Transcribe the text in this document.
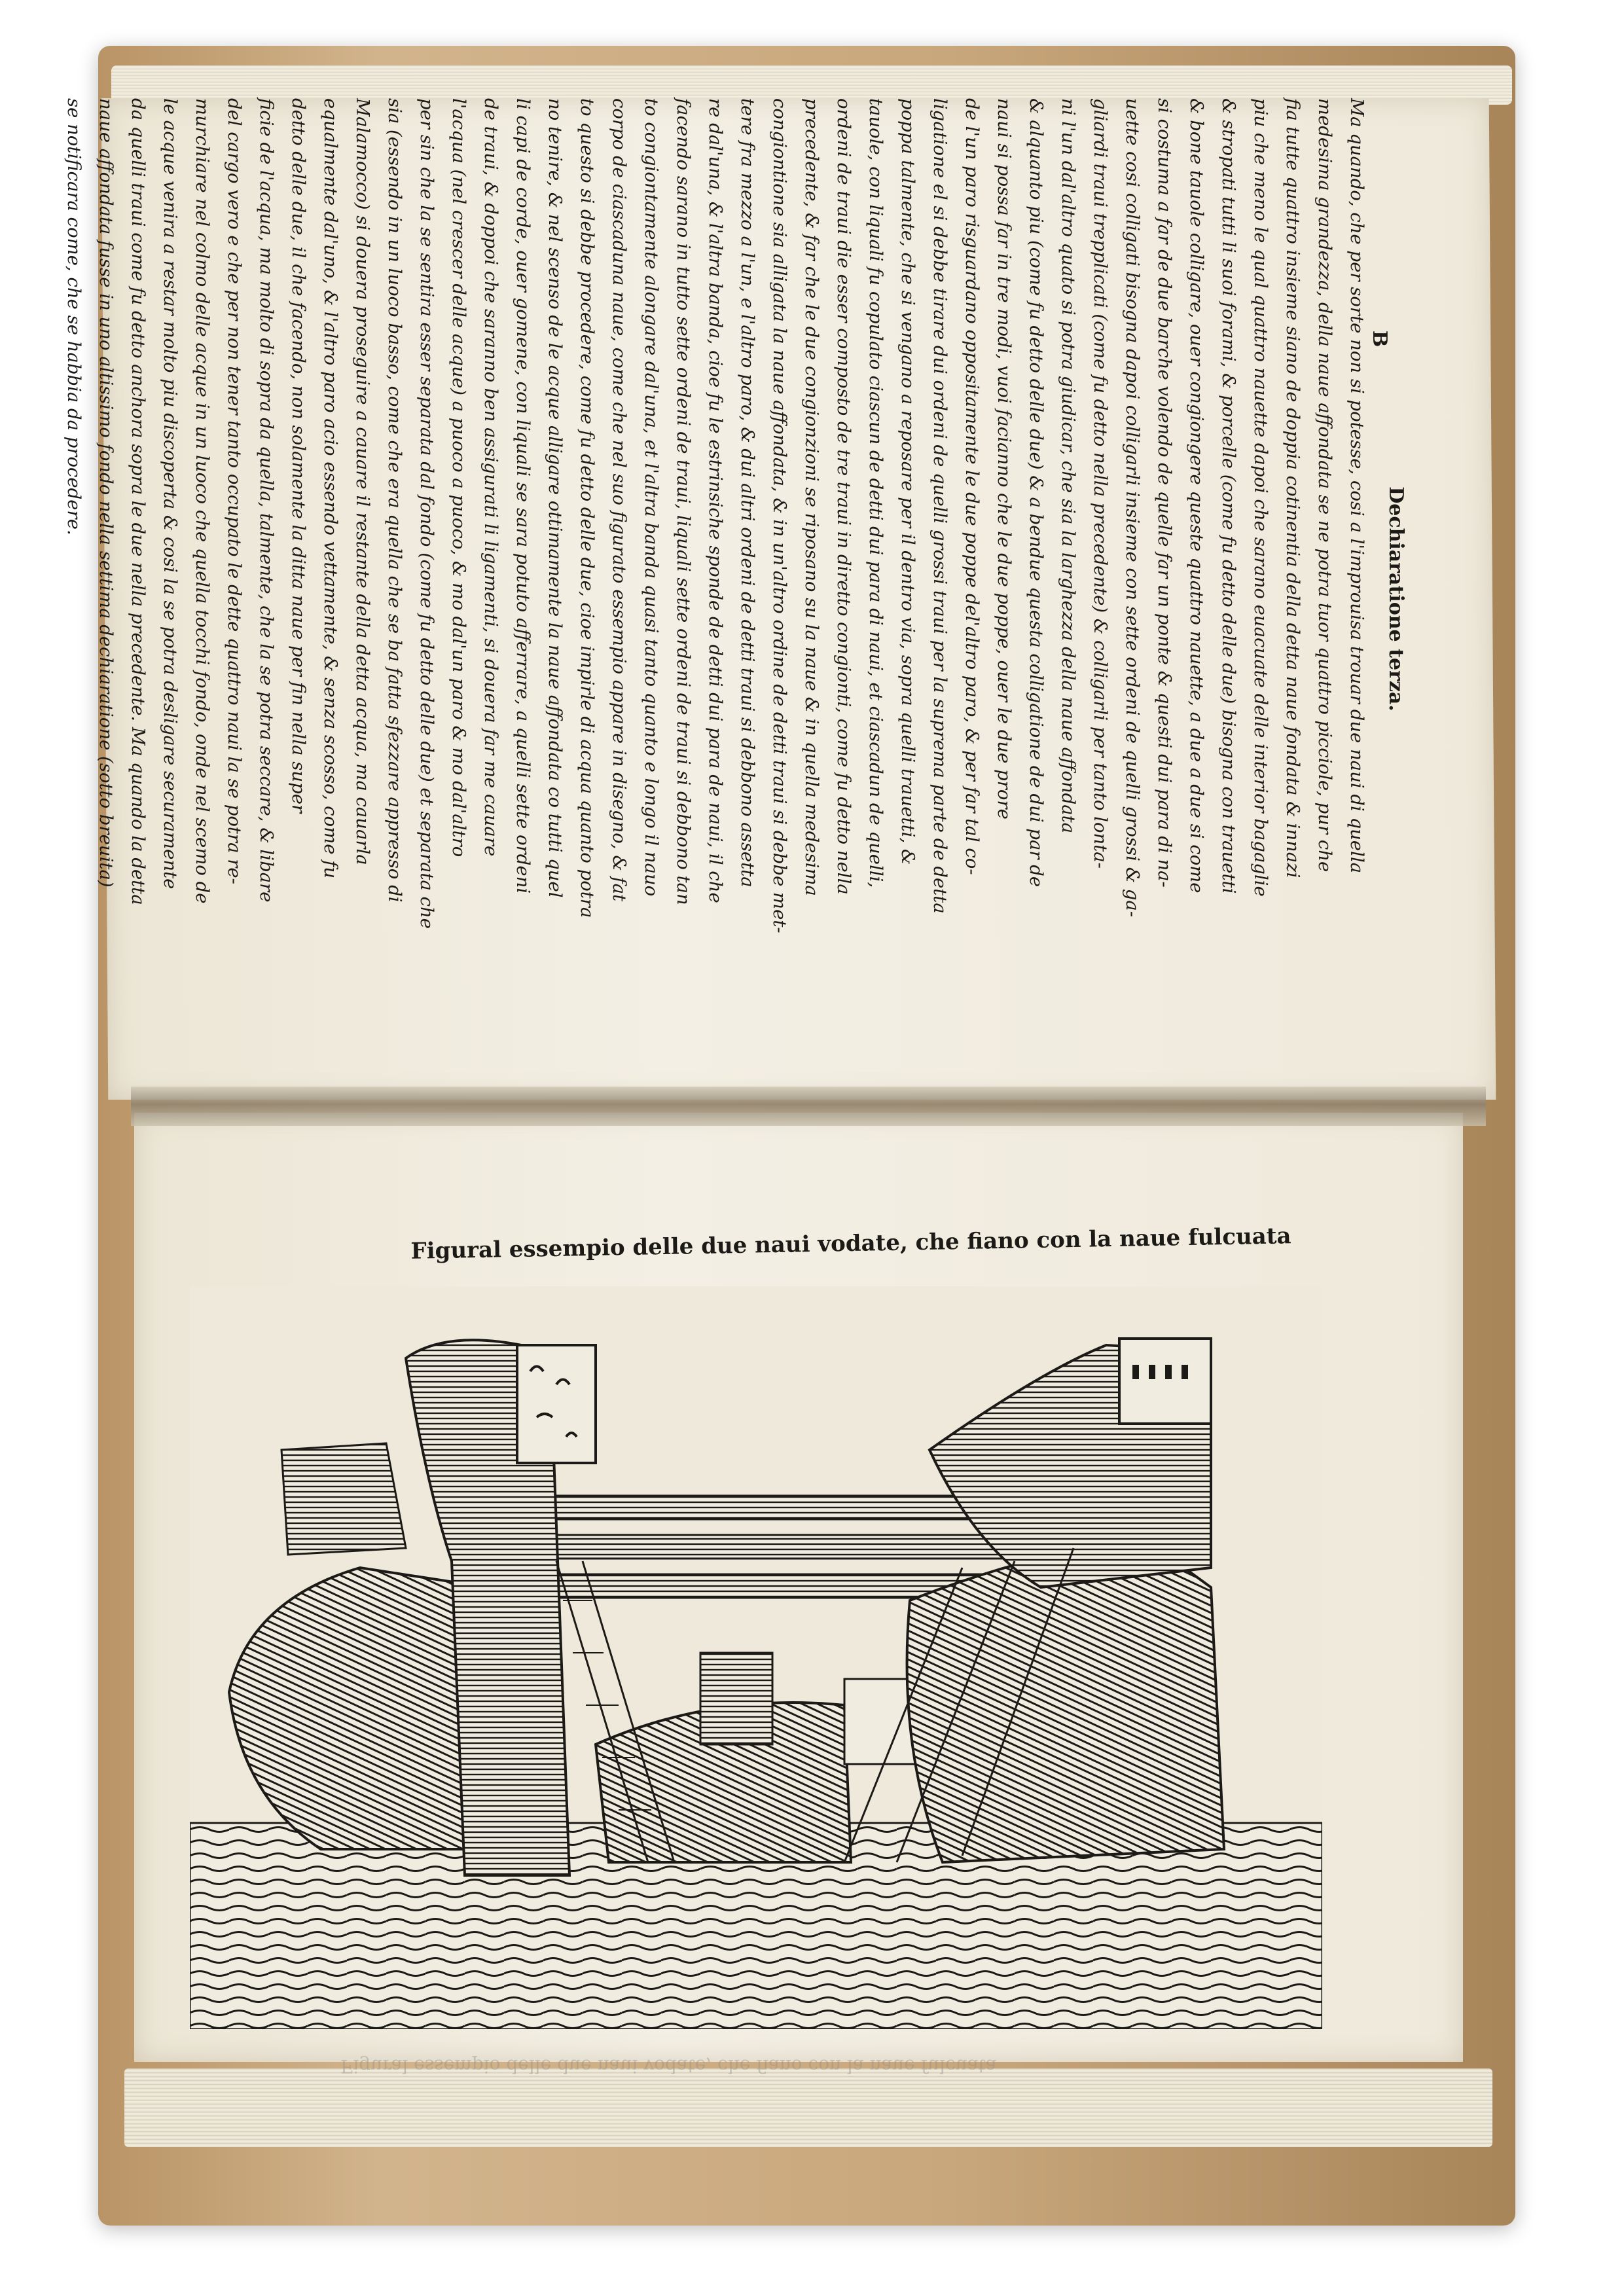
Dechiaratione terza.

Ma quando, che per sorte non si potesse, cosi a l'improuisa trouar due naui di quella

medesima grandezza, della naue affondata se ne potra tuor quattro picciole, pur che

fia tutte quattro insieme siano de doppia cotinentia della detta naue fondata & innazi

piu che meno le qual quattro nauette dapoi che sarano euacuate delle interior bagaglie

& stropati tutti li suoi forami, & porcelle (come fu detto delle due) bisogna con trauetti

& bone tauole colligare, ouer congiongere queste quattro nauette, a due a due si come

si costuma a far de due barche volendo de quelle far un ponte & questi dui para di na-

uette cosi colligati bisogna dapoi colligarli insieme con sette ordeni de quelli grossi & ga-

gliardi traui trepplicati (come fu detto nella precedente) & colligarli per tanto lonta-

ni l'un dal'altro quato si potra giudicar, che sia la larghezza della naue affondata

& alquanto piu (come fu detto delle due) & a bendue questa colligatione de dui par de

naui si possa far in tre modi, vuoi facianno che le due poppe, ouer le due prore

de l'un paro risguardano oppositamente le due poppe del'altro paro, & per far tal co-

ligatione el si debbe tirare dui ordeni de quelli grossi traui per la suprema parte de detta

poppa talmente, che si vengano a reposare per il dentro via, sopra quelli trauetti, &

tauole, con liquali fu copulato ciascun de detti dui para di naui, et ciascadun de quelli,

ordeni de traui die esser composto de tre traui in diretto congionti, come fu detto nella

precedente, & far che le due congionzioni se riposano su la naue & in quella medesima

congiontione sia alligata la naue affondata, & in un'altro ordine de detti traui si debbe met-

tere fra mezzo a l'un, e l'altro paro, & dui altri ordeni de detti traui si debbono assetta

re dal'una, & l'altra banda, cioe fu le estrinsiche sponde de detti dui para de naui, il che

facendo sarano in tutto sette ordeni de traui, liquali sette ordeni de traui si debbono tan

to congiontamente alongare dal'una, et l'altra banda quasi tanto quanto e longo il nauo

corpo de ciascaduna naue, come che nel suo figurato essempio appare in disegno, & fat

to questo si debbe procedere, come fu detto delle due, cioe impirle di acqua quanto potra

no tenire, & nel scenso de le acque alligare ottimamente la naue affondata co tutti quel

li capi de corde, ouer gomene, con liquali se sara potuto afferrare, a quelli sette ordeni

de traui, & doppoi che saranno ben assigurati li ligamenti, si douera far me cauare

l'acqua (nel crescer delle acque) a puoco a puoco, & mo dal'un paro & mo dal'altro

per sin che la se sentira esser separata dal fondo (come fu detto delle due) et separata che

sia (essendo in un luoco basso, come che era quella che se ba fatta sfezzare appresso di

Malamocco) si douera proseguire a cauare il restante della detta acqua, ma cauarla

equalmente dal'uno, & l'altro paro acio essendo vettamente, & senza scosso, come fu

detto delle due, il che facendo, non solamente la ditta naue per fin nella super

ficie de l'acqua, ma molto di sopra da quella, talmente, che la se potra seccare, & libare

del cargo vero e che per non tener tanto occupato le dette quattro naui la se potra re-

murchiare nel colmo delle acque in un luoco che quella tocchi fondo, onde nel scemo de

le acque venira a restar molto piu discoperta & cosi la se potra desligare securamente

da quelli traui come fu detto anchora sopra le due nella precedente. Ma quando la detta

naue affondata fusse in uno altissimo fondo nella settima dechiaratione (sotto breuita)

se notificara come, che se habbia da procedere.	B
Figural essempio delle due naui vodate, che fiano con la naue fulcuata
Figural essempio delle due naui vodate, che fiano con la naue fulcuata
